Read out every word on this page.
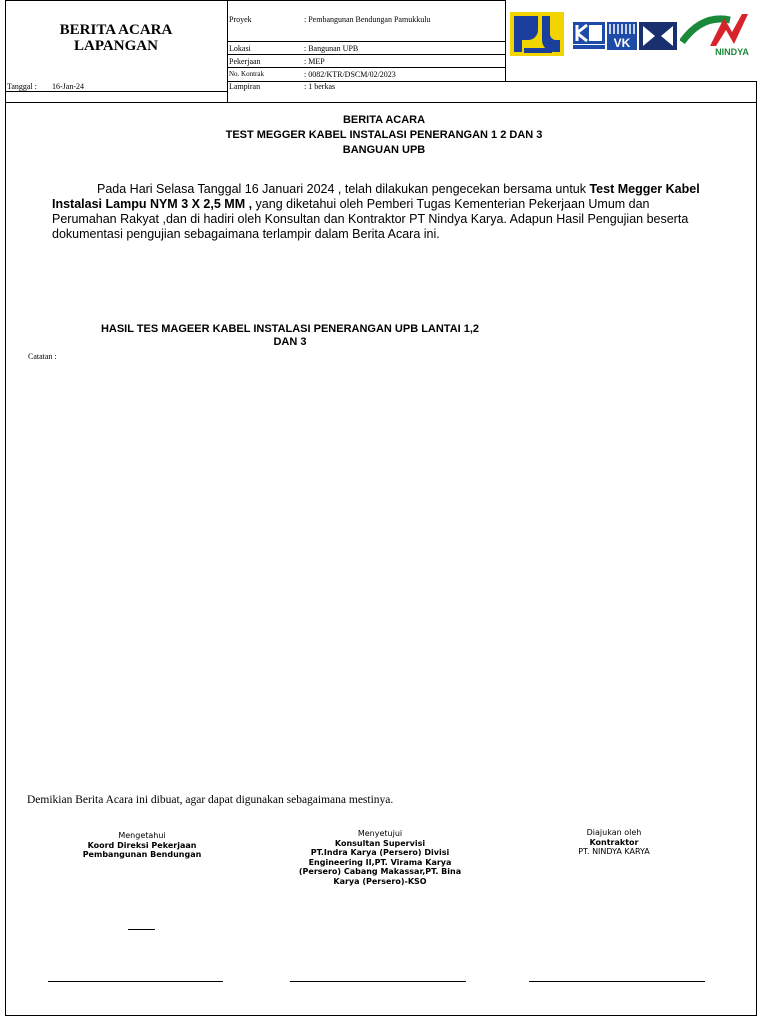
BERITA ACARA
LAPANGAN
Proyek	: Pembangunan Bendungan Pamukkulu
Lokasi	: Bangunan UPB
Pekerjaan	: MEP
No. Kontrak	: 0082/KTR/DSCM/02/2023
Lampiran	: 1 berkas
Tanggal : 16-Jan-24
VK
NINDYA
BERITA ACARA
TEST MEGGER KABEL INSTALASI PENERANGAN 1 2 DAN 3
BANGUAN UPB

Pada Hari Selasa Tanggal 16 Januari 2024 , telah dilakukan pengecekan bersama untuk Test Megger Kabel Instalasi Lampu NYM 3 X 2,5 MM , yang diketahui oleh Pemberi Tugas Kementerian Pekerjaan Umum dan Perumahan Rakyat ,dan di hadiri oleh Konsultan dan Kontraktor PT Nindya Karya. Adapun Hasil Pengujian beserta dokumentasi pengujian sebagaimana terlampir dalam Berita Acara ini.

HASIL TES MAGEER KABEL INSTALASI PENERANGAN UPB LANTAI 1,2
DAN 3
Catatan :
Demikian Berita Acara ini dibuat, agar dapat digunakan sebagaimana mestinya.
Mengetahui
Koord Direksi Pekerjaan
Pembangunan Bendungan
Menyetujui
Konsultan Supervisi
PT.Indra Karya (Persero) Divisi
Engineering II,PT. Virama Karya
(Persero) Cabang Makassar,PT. Bina
Karya (Persero)-KSO
Diajukan oleh
Kontraktor
PT. NINDYA KARYA
